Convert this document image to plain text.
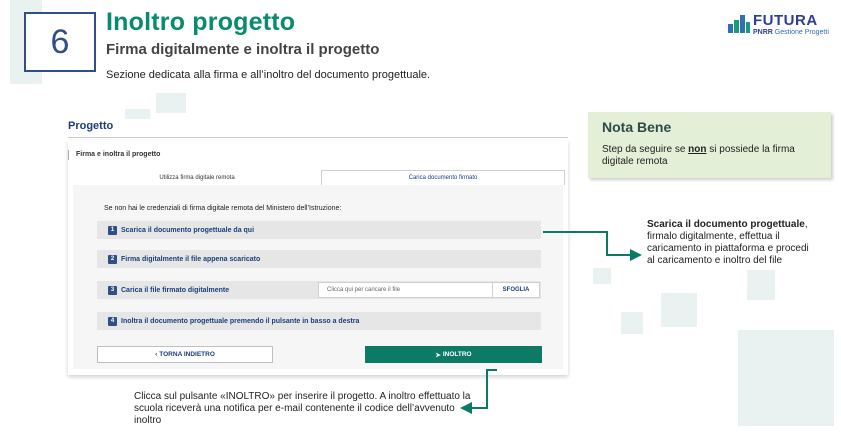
6
Inoltro progetto
Firma digitalmente e inoltra il progetto
Sezione dedicata alla firma e all’inoltro del documento progettuale.
FUTURA
PNRR Gestione Progetti
Progetto
Firma e inoltra il progetto
Utilizza firma digitale remota	Carica documento firmato
Se non hai le credenziali di firma digitale remota del Ministero dell’Istruzione:
1 Scarica il documento progettuale da qui
2 Firma digitalmente il file appena scaricato
3 Carica il file firmato digitalmente	Clicca qui per caricare il file	SFOGLIA
4 Inoltra il documento progettuale premendo il pulsante in basso a destra
‹ TORNA INDIETRO	➤ INOLTRO
Nota Bene
Step da seguire se non si possiede la firma digitale remota
Scarica il documento progettuale, firmalo digitalmente, effettua il caricamento in piattaforma e procedi al caricamento e inoltro del file
Clicca sul pulsante «INOLTRO» per inserire il progetto. A inoltro effettuato la scuola riceverà una notifica per e-mail contenente il codice dell’avvenuto inoltro
